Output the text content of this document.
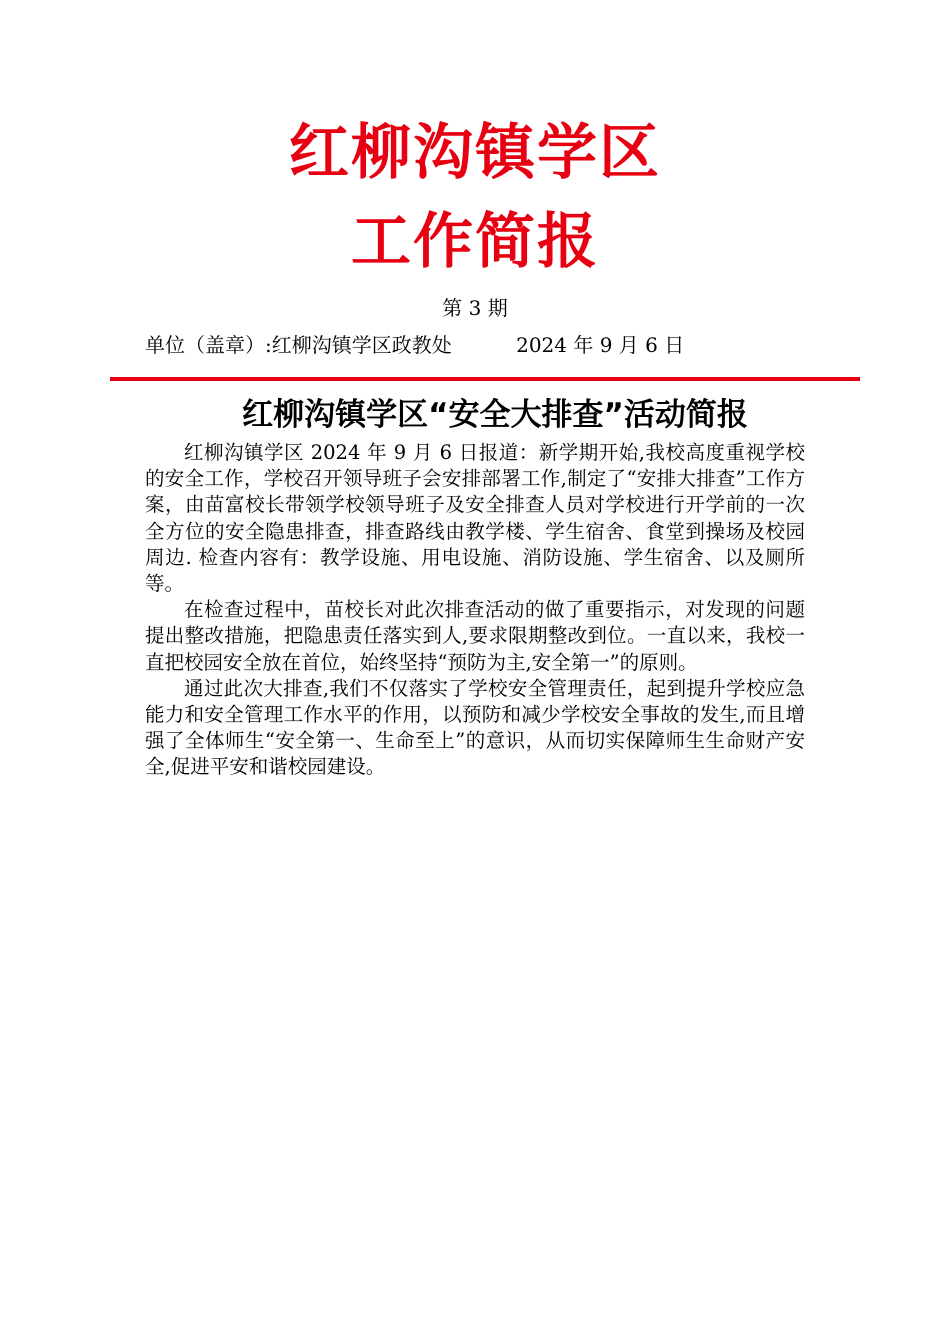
红柳沟镇学区
工作简报
第 3 期
单位（盖章）:红柳沟镇学区政教处	2024 年 9 月 6 日
红柳沟镇学区“安全大排查”活动简报

红柳沟镇学区 2024 年 9 月 6 日报道：新学期开始,我校高度重视学校的安全工作，学校召开领导班子会安排部署工作,制定了“安排大排查”工作方案，由苗富校长带领学校领导班子及安全排查人员对学校进行开学前的一次全方位的安全隐患排查，排查路线由教学楼、学生宿舍、食堂到操场及校园周边. 检查内容有：教学设施、用电设施、消防设施、学生宿舍、以及厕所等。

在检查过程中，苗校长对此次排查活动的做了重要指示，对发现的问题提出整改措施，把隐患责任落实到人,要求限期整改到位。一直以来，我校一直把校园安全放在首位，始终坚持“预防为主,安全第一”的原则。

通过此次大排查,我们不仅落实了学校安全管理责任，起到提升学校应急能力和安全管理工作水平的作用，以预防和减少学校安全事故的发生,而且增强了全体师生“安全第一、生命至上”的意识，从而切实保障师生生命财产安全,促进平安和谐校园建设。
